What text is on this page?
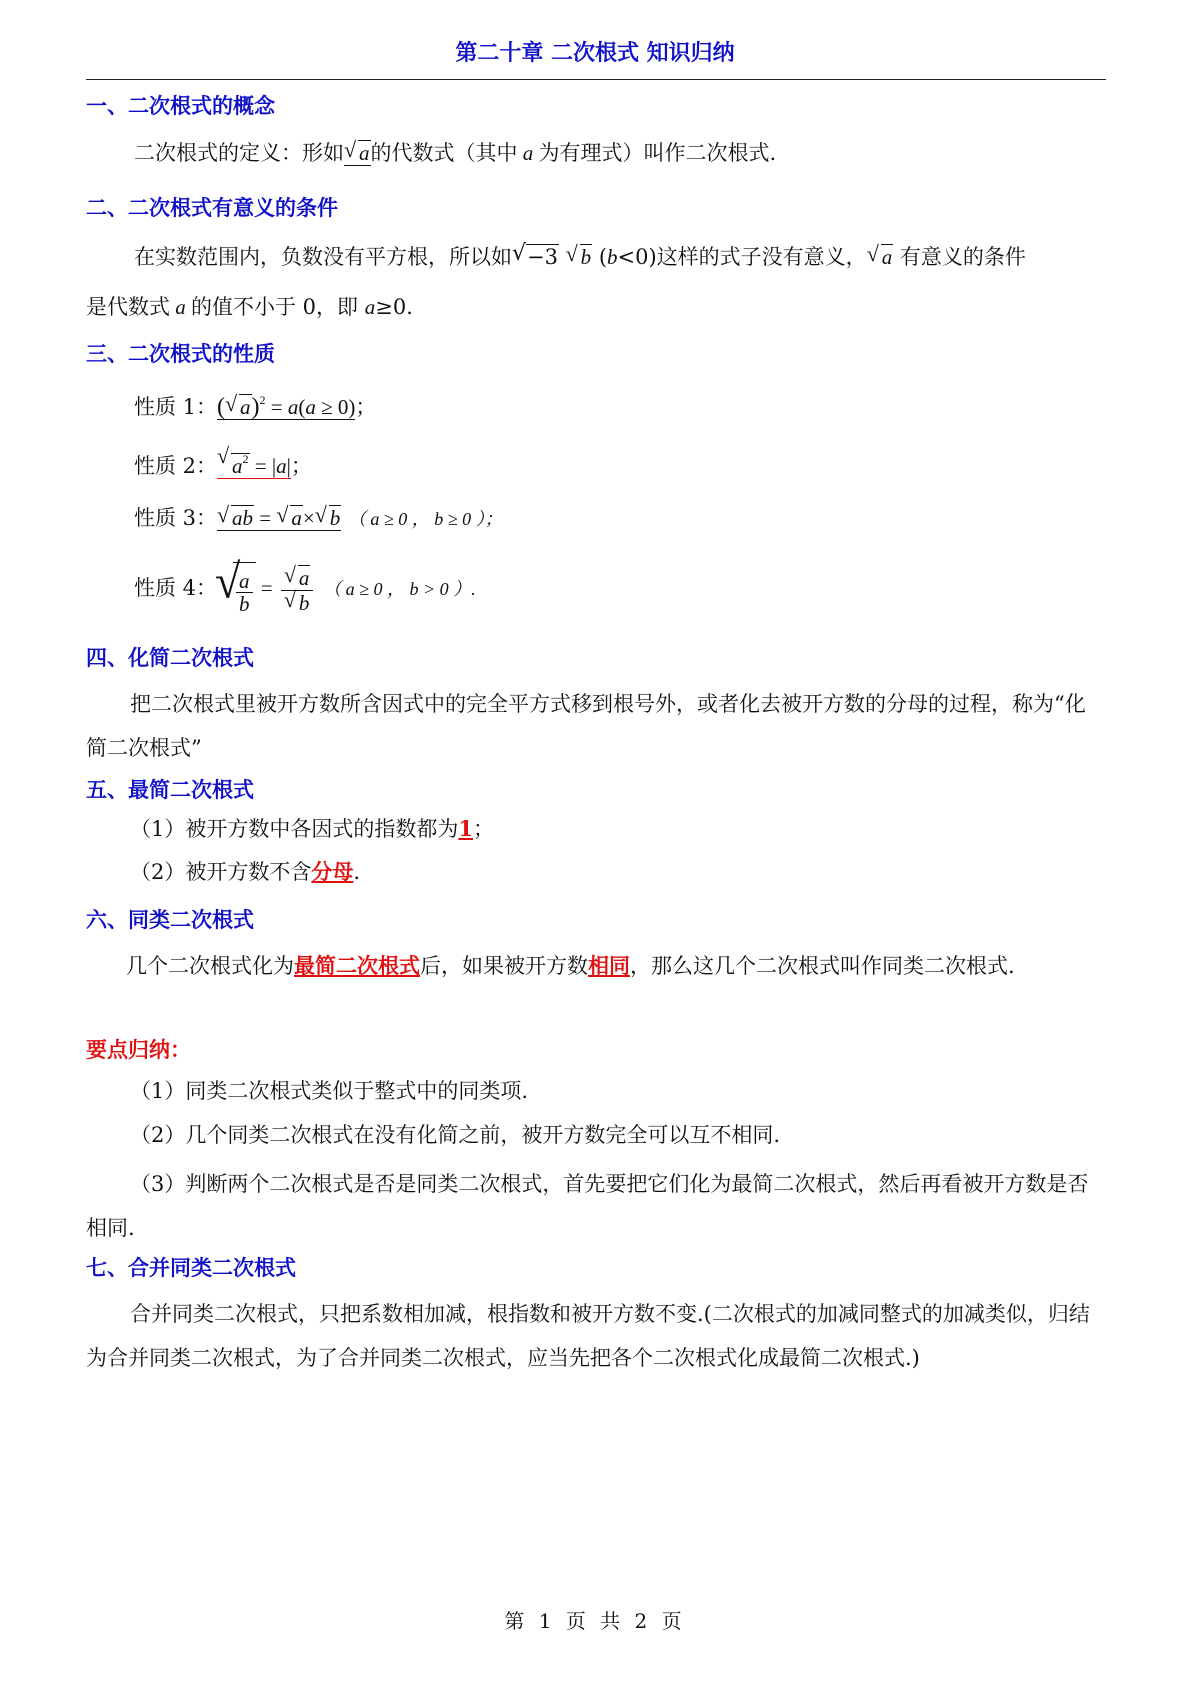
第二十章 二次根式 知识归纳
一、二次根式的概念
二次根式的定义：形如 √ a的代数式（其中 a 为有理式）叫作二次根式.
二、二次根式有意义的条件
在实数范围内，负数没有平方根，所以如 √ −3 √ b (b<0)这样的式子没有意义， √ a 有意义的条件
是代数式 a 的值不小于 0，即 a≥0.
三、二次根式的性质
性质 1：( √ a)$^2$ = a(a ≥ 0)；
性质 2： √ $a^2 = |a|$；
性质 3： √ ab = √ a× √ b （ a ≥ 0 ， b ≥ 0 ）；
性质 4： √ $\frac{a}{b}$ = √ a
√ b （ a ≥ 0 ， b > 0 ）.
四、化简二次根式
把二次根式里被开方数所含因式中的完全平方式移到根号外，或者化去被开方数的分母的过程，称为“化简二次根式”
五、最简二次根式
（1）被开方数中各因式的指数都为1；
（2）被开方数不含分母.
六、同类二次根式
几个二次根式化为最简二次根式后，如果被开方数相同，那么这几个二次根式叫作同类二次根式.
要点归纳：
（1）同类二次根式类似于整式中的同类项.
（2）几个同类二次根式在没有化简之前，被开方数完全可以互不相同.
（3）判断两个二次根式是否是同类二次根式，首先要把它们化为最简二次根式，然后再看被开方数是否相同.
七、合并同类二次根式
合并同类二次根式，只把系数相加减，根指数和被开方数不变.(二次根式的加减同整式的加减类似，归结为合并同类二次根式，为了合并同类二次根式，应当先把各个二次根式化成最简二次根式.)
第 1 页 共 2 页
